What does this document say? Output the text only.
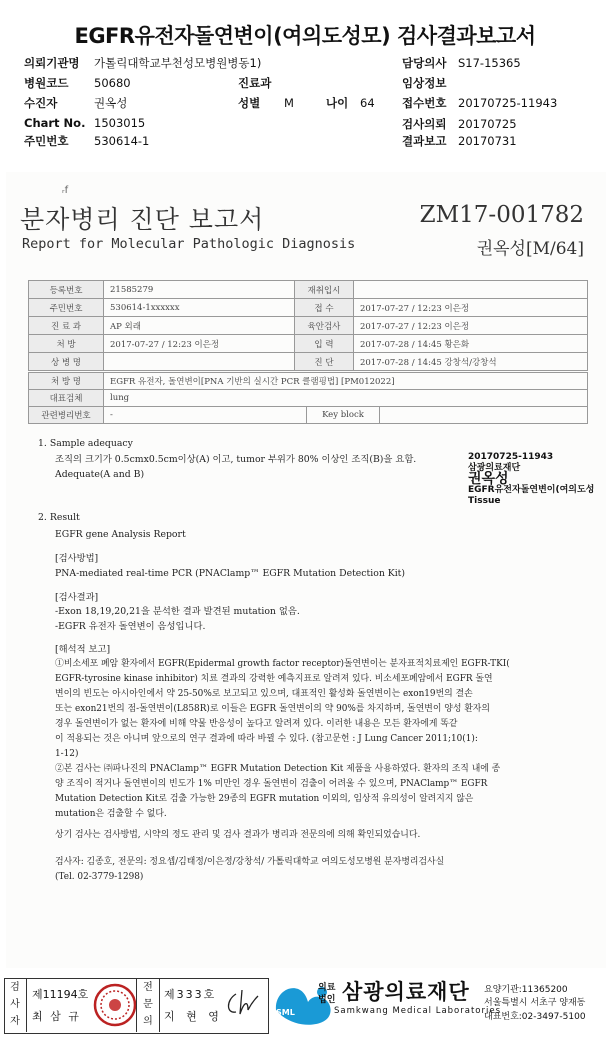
EGFR유전자돌연변이(여의도성모) 검사결과보고서
의뢰기관명 가톨릭대학교부천성모병원병동1)	담당의사 S17-15365
병원코드 50680	진료과	임상정보
수진자	권옥성	성별 M	나이 64 접수번호 20170725-11943
Chart No. 1503015	검사의뢰 20170725
주민번호 530614-1	결과보고 20170731
ᵣf
분자병리 진단 보고서
Report for Molecular Pathologic Diagnosis
ZM17-001782
권옥성[M/64]
등록번호	21585279	재취입시	
주민번호	530614-1xxxxxx	접 수	2017-07-27 / 12:23 이은정
진 료 과	AP 외래	육안검사	2017-07-27 / 12:23 이은정
처 방	2017-07-27 / 12:23 이은정	입 력	2017-07-28 / 14:45 황은화
상 병 명		진 단	2017-07-28 / 14:45 강창석/강창석
처 방 명	EGFR 유전자, 돌연변이[PNA 기반의 실시간 PCR 클램핑법] [PM012022]		
대표검체	lung		
관련병리번호	-	Key block	
1. Sample adequacy
조직의 크기가 0.5cmx0.5cm이상(A) 이고, tumor 부위가 80% 이상인 조직(B)을 요함.
Adequate(A and B)
20170725-11943
삼광의료재단
권옥성
EGFR유전자돌연변이(여의도성
Tissue
2. Result
EGFR gene Analysis Report
[검사방법]
PNA-mediated real-time PCR (PNAClamp™ EGFR Mutation Detection Kit)
[검사결과]
-Exon 18,19,20,21을 분석한 결과 발견된 mutation 없음.
-EGFR 유전자 돌연변이 음성입니다.
[해석적 보고]
①비소세포 폐암 환자에서 EGFR(Epidermal growth factor receptor)돌연변이는 분자표적치료제인 EGFR-TKI(
EGFR-tyrosine kinase inhibitor) 치료 결과의 강력한 예측지표로 알려져 있다. 비소세포폐암에서 EGFR 돌연
변이의 빈도는 아시아인에서 약 25-50%로 보고되고 있으며, 대표적인 활성화 돌연변이는 exon19번의 결손
또는 exon21번의 점-돌연변이(L858R)로 이들은 EGFR 돌연변이의 약 90%를 차지하며, 돌연변이 양성 환자의
경우 돌연변이가 없는 환자에 비해 약물 반응성이 높다고 알려져 있다. 이러한 내용은 모든 환자에게 똑같
이 적용되는 것은 아니며 앞으로의 연구 결과에 따라 바뀔 수 있다. (참고문헌 : J Lung Cancer 2011;10(1):
1-12)
②본 검사는 ㈜파나진의 PNAClamp™ EGFR Mutation Detection Kit 제품을 사용하였다. 환자의 조직 내에 종
양 조직이 적거나 돌연변이의 빈도가 1% 미만인 경우 돌연변이 검출이 어려울 수 있으며, PNAClamp™ EGFR
Mutation Detection Kit로 검출 가능한 29종의 EGFR mutation 이외의, 임상적 유의성이 알려지지 않은
mutation은 검출할 수 없다.
상기 검사는 검사방법, 시약의 정도 관리 및 검사 결과가 병리과 전문의에 의해 확인되었습니다.
검사자: 김종호, 전문의: 정요셉/김태정/이은정/강창석/ 가톨릭대학교 여의도성모병원 분자병리검사실
(Tel. 02-3779-1298)
검사자
제11194호
최 삼 규
전문의
제333호
지 현 영	SML
의료
법인 삼광의료재단
Samkwang Medical Laboratories
요양기관:11365200
서울특별시 서초구 양재동
대표번호:02-3497-5100
